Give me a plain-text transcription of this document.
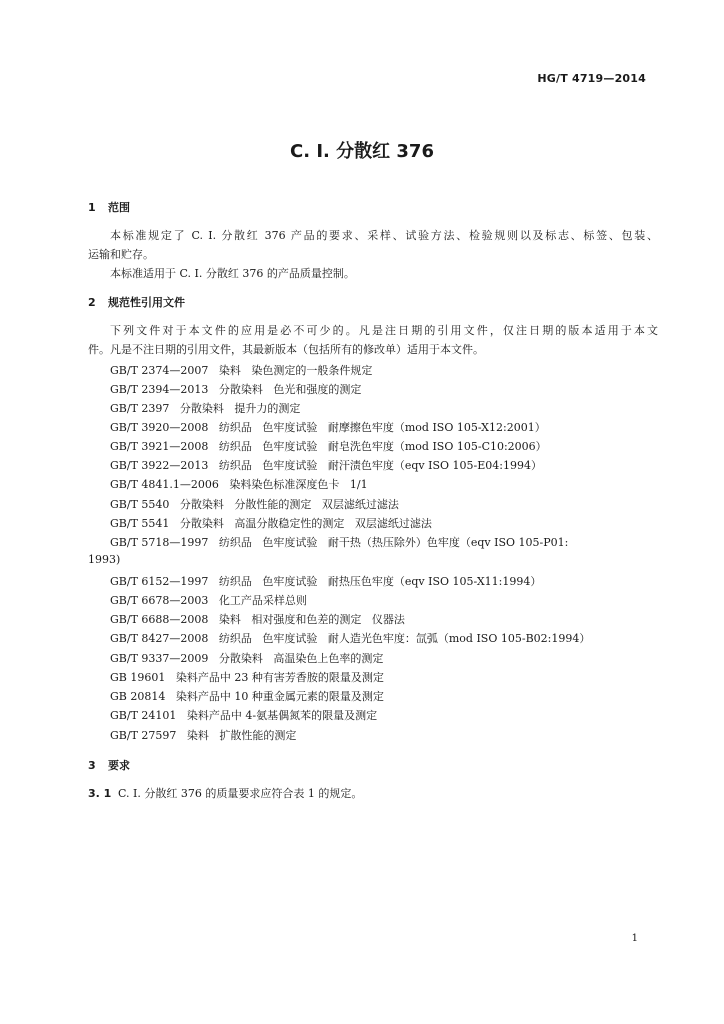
HG/T 4719—2014
C. I. 分散红 376
1 范围
本标准规定了 C. I. 分散红 376 产品的要求、采样、试验方法、检验规则以及标志、标签、包装、
运输和贮存。
本标准适用于 C. I. 分散红 376 的产品质量控制。
2 规范性引用文件
下列文件对于本文件的应用是必不可少的。凡是注日期的引用文件，仅注日期的版本适用于本文
件。凡是不注日期的引用文件，其最新版本（包括所有的修改单）适用于本文件。
GB/T 2374—2007   染料   染色测定的一般条件规定
GB/T 2394—2013   分散染料   色光和强度的测定
GB/T 2397   分散染料   提升力的测定
GB/T 3920—2008   纺织品   色牢度试验   耐摩擦色牢度（mod ISO 105-X12:2001）
GB/T 3921—2008   纺织品   色牢度试验   耐皂洗色牢度（mod ISO 105-C10:2006）
GB/T 3922—2013   纺织品   色牢度试验   耐汗渍色牢度（eqv ISO 105-E04:1994）
GB/T 4841.1—2006   染料染色标准深度色卡   1/1
GB/T 5540   分散染料   分散性能的测定   双层滤纸过滤法
GB/T 5541   分散染料   高温分散稳定性的测定   双层滤纸过滤法
GB/T 5718—1997   纺织品   色牢度试验   耐干热（热压除外）色牢度（eqv ISO 105-P01:
1993)
GB/T 6152—1997   纺织品   色牢度试验   耐热压色牢度（eqv ISO 105-X11:1994）
GB/T 6678—2003   化工产品采样总则
GB/T 6688—2008   染料   相对强度和色差的测定   仪器法
GB/T 8427—2008   纺织品   色牢度试验   耐人造光色牢度：氙弧（mod ISO 105-B02:1994）
GB/T 9337—2009   分散染料   高温染色上色率的测定
GB 19601   染料产品中 23 种有害芳香胺的限量及测定
GB 20814   染料产品中 10 种重金属元素的限量及测定
GB/T 24101   染料产品中 4-氨基偶氮苯的限量及测定
GB/T 27597   染料   扩散性能的测定
3 要求
3. 1 C. I. 分散红 376 的质量要求应符合表 1 的规定。
1
